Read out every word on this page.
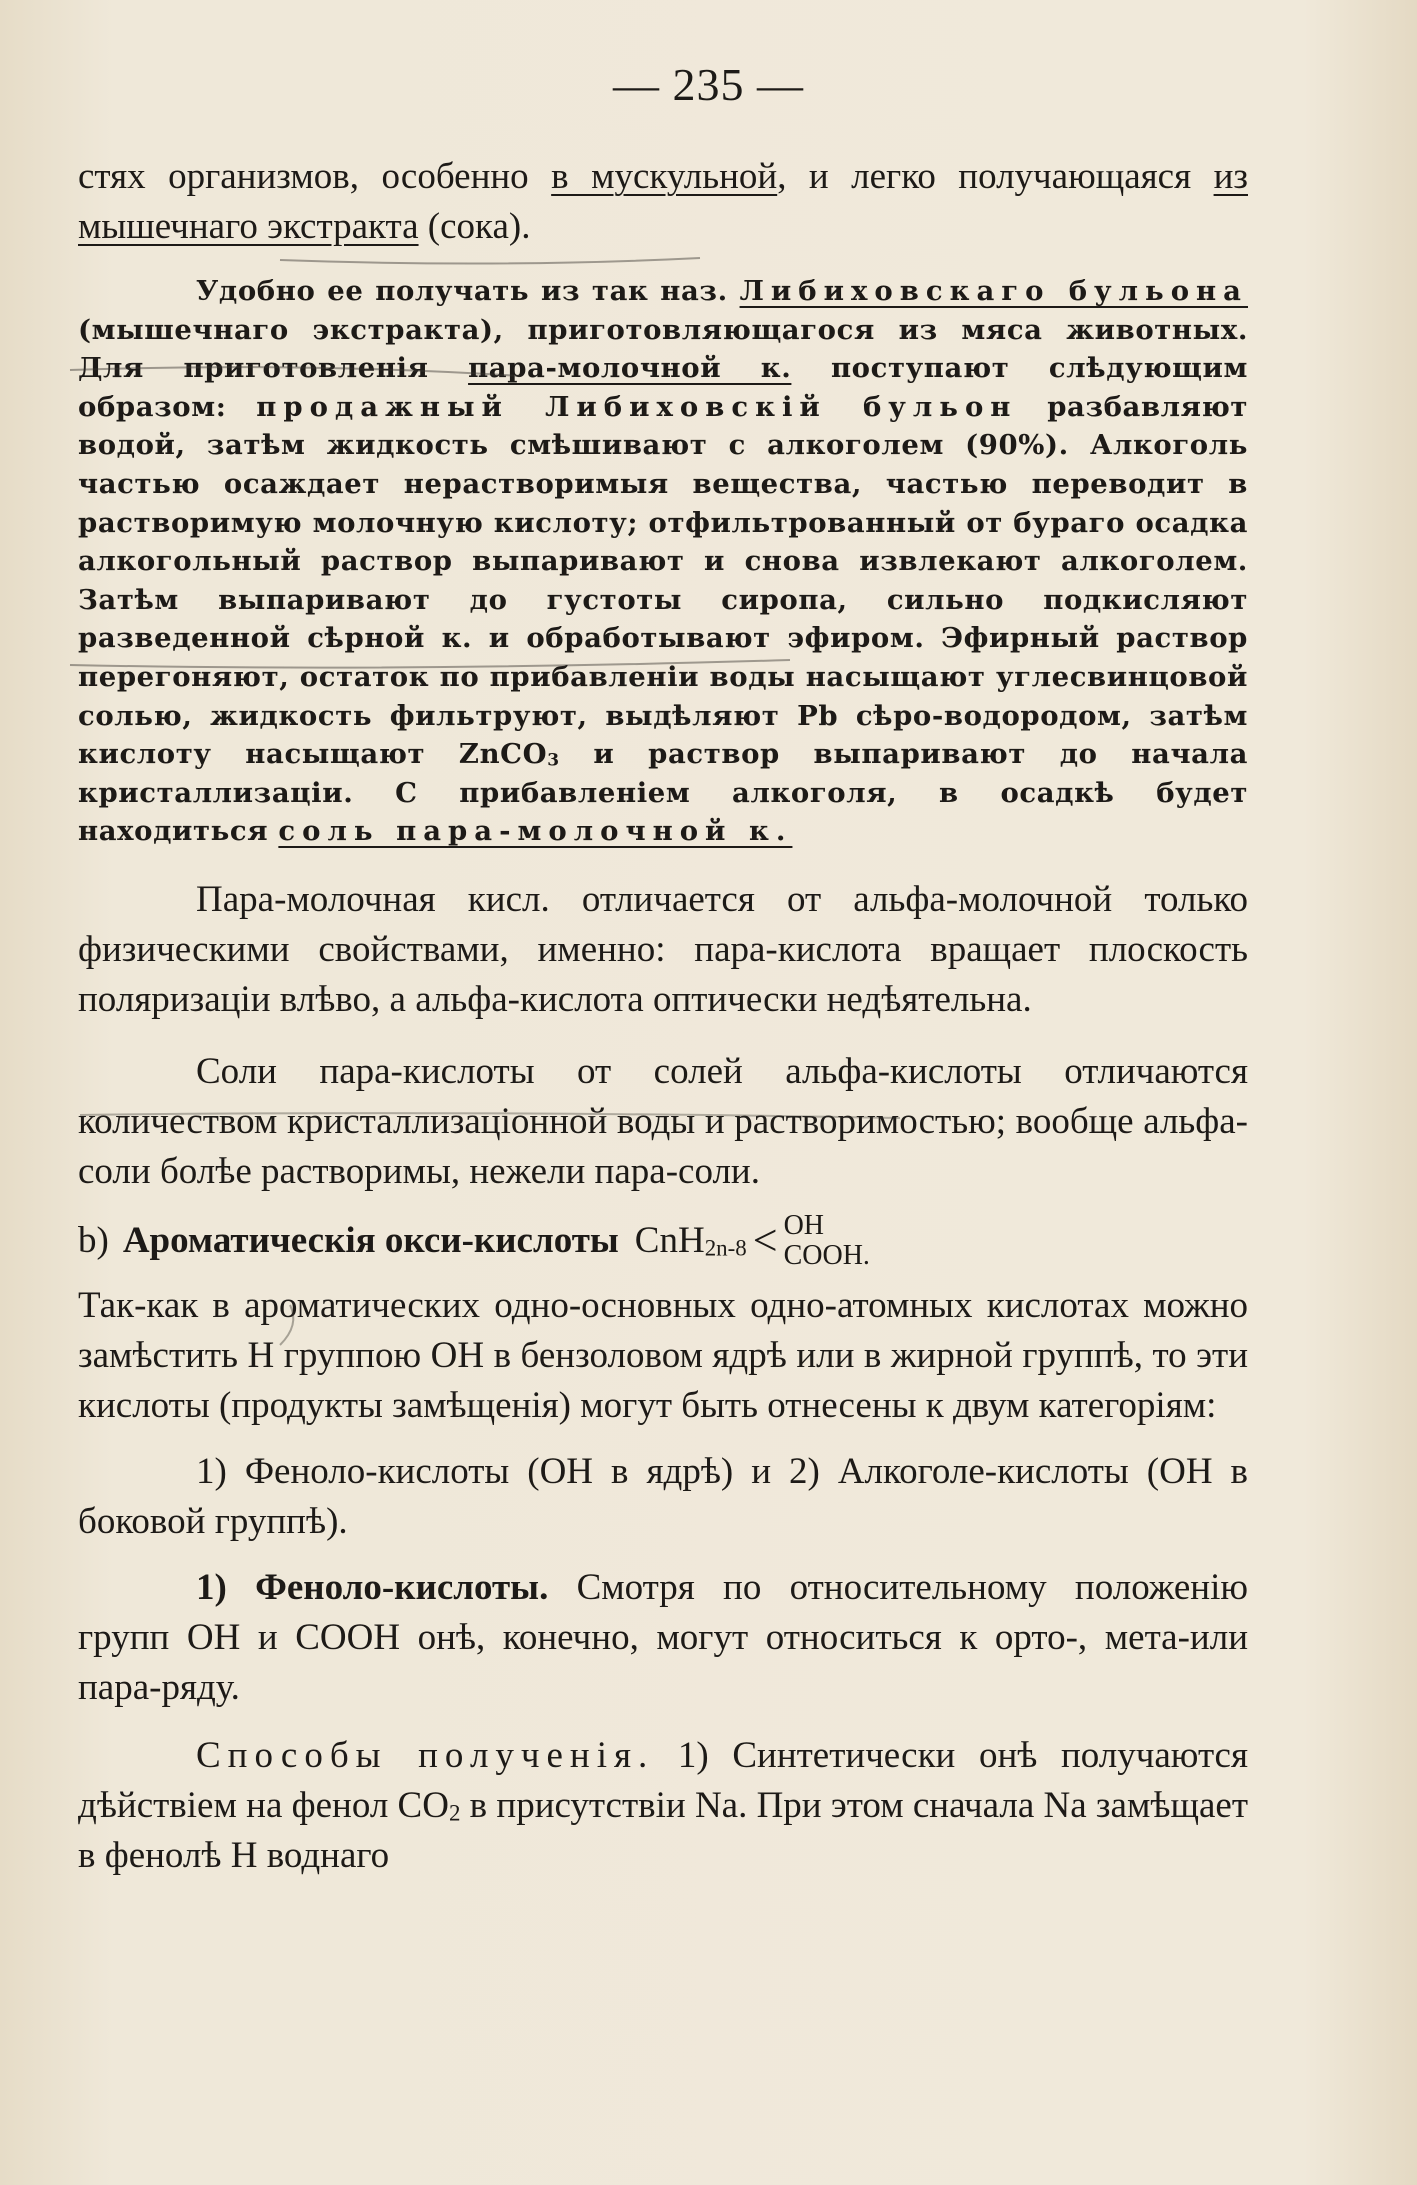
— 235 —

стях организмов, особенно в мускульной, и легко получающаяся из мышечнаго экстракта (сока).

Удобно ее получать из так наз. Либиховскаго бульона (мышечнаго экстракта), приготовляющагося из мяса животных. Для приготовленія пара-молочной к. поступают слѣдующим образом: продажный Либиховскій бульон разбавляют водой, затѣм жидкость смѣшивают с алкоголем (90%). Алкоголь частью осаждает нерастворимыя вещества, частью переводит в растворимую молочную кислоту; отфильтрованный от бураго осадка алкогольный раствор выпаривают и снова извлекают алкоголем. Затѣм выпаривают до густоты сиропа, сильно подкисляют разведенной сѣрной к. и обработывают эфиром. Эфирный раствор перегоняют, остаток по прибавленіи воды насыщают углесвинцовой солью, жидкость фильтруют, выдѣляют Pb сѣро-водородом, затѣм кислоту насыщают ZnCO$_3$ и раствор выпаривают до начала кристаллизаціи. С прибавленіем алкоголя, в осадкѣ будет находиться соль пара-молочной к.

Пара-молочная кисл. отличается от альфа-молочной только физическими свойствами, именно: пара-кислота вращает плоскость поляризаціи влѣво, а альфа-кислота оптически недѣятельна.

Соли пара-кислоты от солей альфа-кислоты отличаются количеством кристаллизаціонной воды и растворимостью; вообще альфа-соли болѣе растворимы, нежели пара-соли.

b) Ароматическія окси-кислоты CnH$_{2n-8}$ < OH
COOH.

Так-как в ароматических одно-основных одно-атомных кислотах можно замѣстить H группою OH в бензоловом ядрѣ или в жирной группѣ, то эти кислоты (продукты замѣщенія) могут быть отнесены к двум категоріям:

1) Феноло-кислоты (OH в ядрѣ) и 2) Алкоголе-кислоты (OH в боковой группѣ).

1) Феноло-кислоты. Смотря по относительному положенію групп OH и COOH онѣ, конечно, могут относиться к орто-, мета-или пара-ряду.

Способы полученія. 1) Синтетически онѣ получаются дѣйствіем на фенол $CO_2$ в присутствіи Na. При этом сначала Na замѣщает в фенолѣ H воднаго
